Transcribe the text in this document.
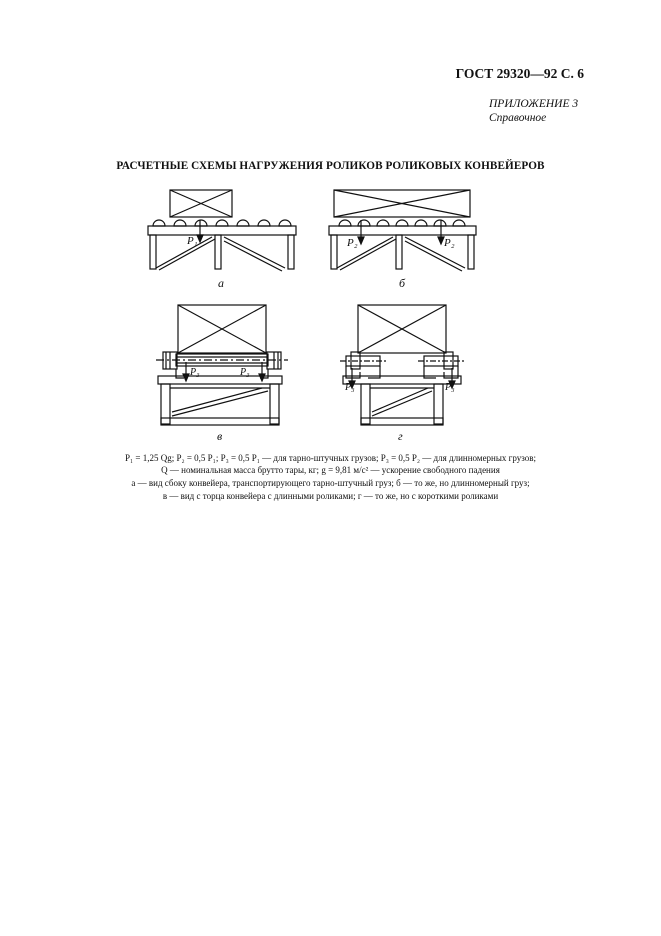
ГОСТ 29320—92 С. 6
ПРИЛОЖЕНИЕ 3
Справочное
РАСЧЕТНЫЕ СХЕМЫ НАГРУЖЕНИЯ РОЛИКОВ РОЛИКОВЫХ КОНВЕЙЕРОВ
P₁	P₂	P₂
P₃	P₃
P₃	P₃
а	б
в	г
P₁ = 1,25 Qg; P₂ = 0,5 P₁; P₃ = 0,5 P₁ — для тарно-штучных грузов; P₃ = 0,5 P₂ — для длинномерных грузов;
Q — номинальная масса брутто тары, кг; g = 9,81 м/с² — ускорение свободного падения
а — вид сбоку конвейера, транспортирующего тарно-штучный груз; б — то же, но длинномерный груз;
в — вид с торца конвейера с длинными роликами; г — то же, но с короткими роликами
